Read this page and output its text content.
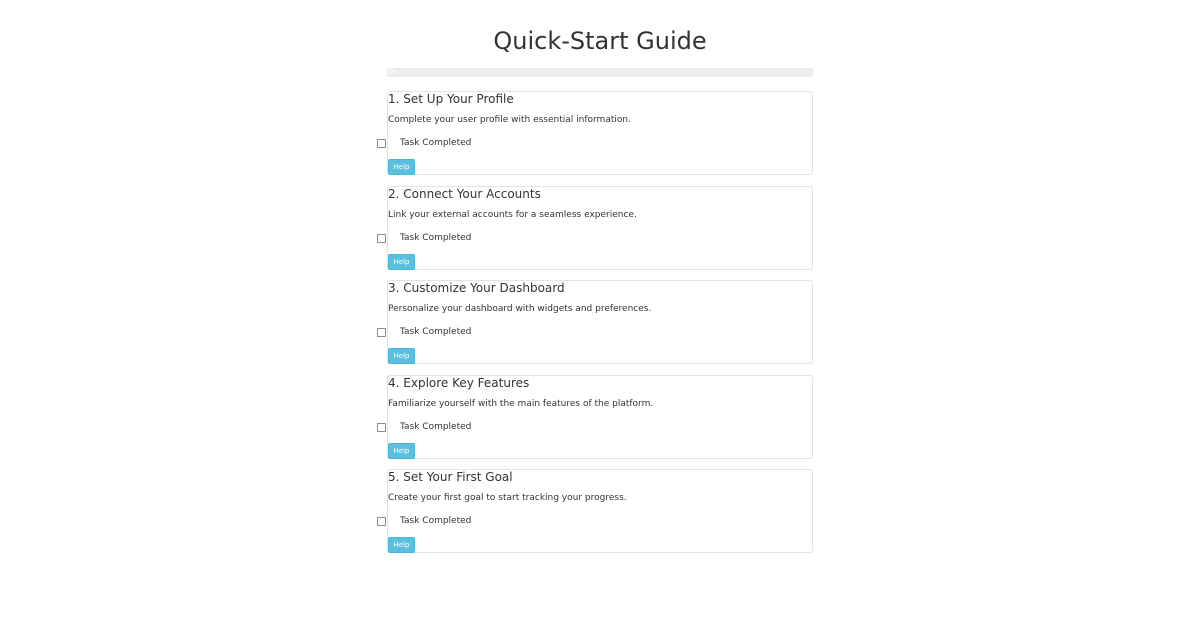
Quick-Start Guide
0%
1. Set Up Your Profile

Complete your user profile with essential information.

Task Completed
Help
2. Connect Your Accounts

Link your external accounts for a seamless experience.

Task Completed
Help
3. Customize Your Dashboard

Personalize your dashboard with widgets and preferences.

Task Completed
Help
4. Explore Key Features

Familiarize yourself with the main features of the platform.

Task Completed
Help
5. Set Your First Goal

Create your first goal to start tracking your progress.

Task Completed
Help
